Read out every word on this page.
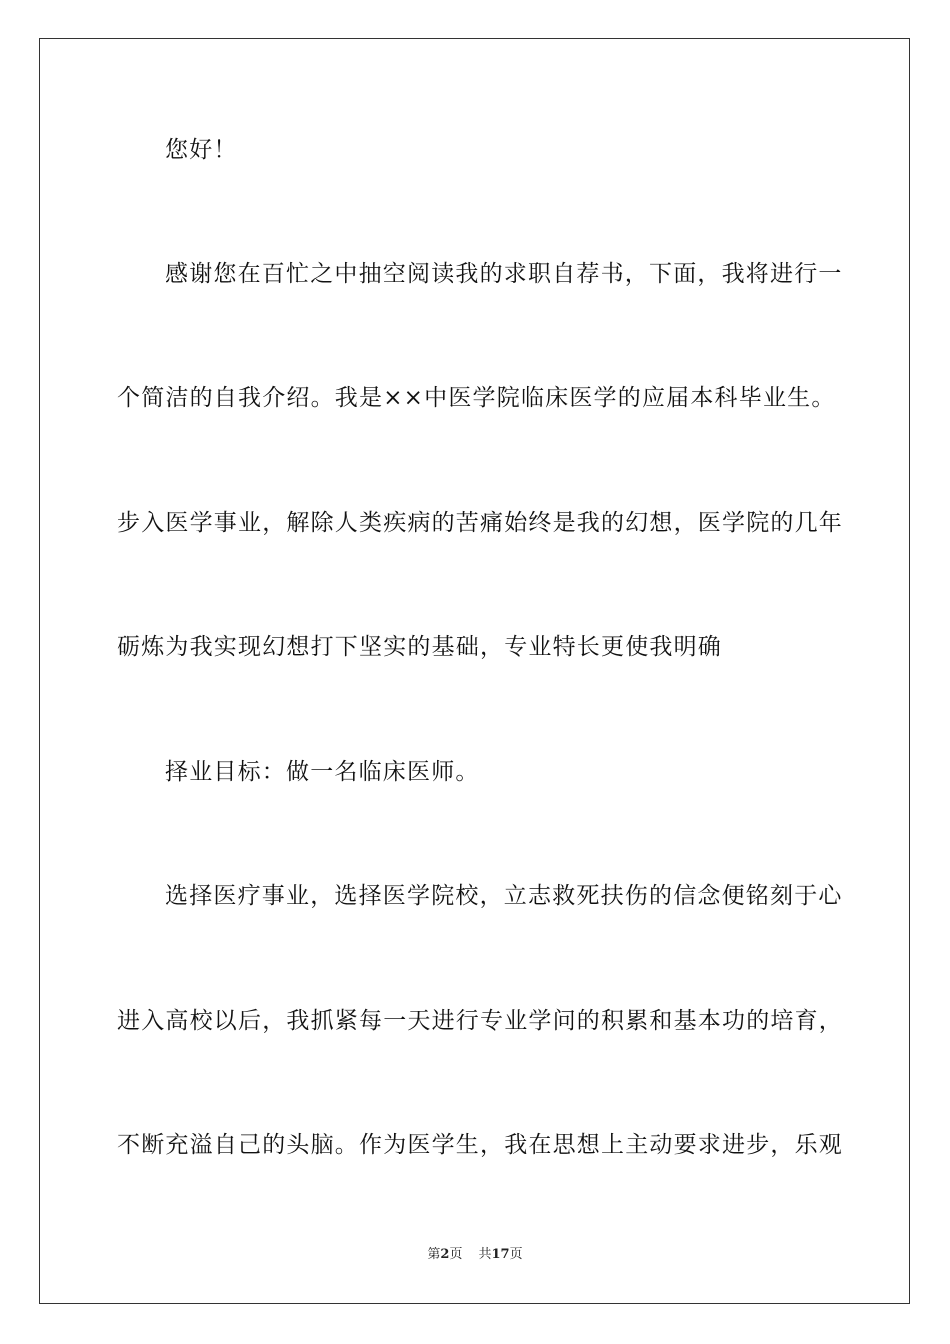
您好！
感谢您在百忙之中抽空阅读我的求职自荐书，下面，我将进行一
个简洁的自我介绍。我是××中医学院临床医学的应届本科毕业生。
步入医学事业，解除人类疾病的苦痛始终是我的幻想，医学院的几年
砺炼为我实现幻想打下坚实的基础，专业特长更使我明确
择业目标：做一名临床医师。
选择医疗事业，选择医学院校，立志救死扶伤的信念便铭刻于心
进入高校以后，我抓紧每一天进行专业学问的积累和基本功的培育，
不断充溢自己的头脑。作为医学生，我在思想上主动要求进步，乐观
第2页 共17页
